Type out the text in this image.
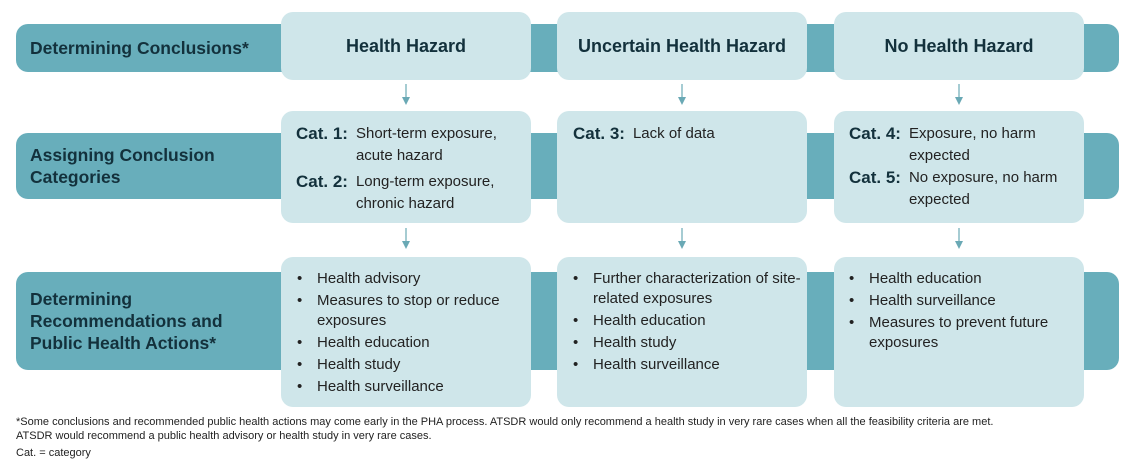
Determining Conclusions*
Assigning Conclusion Categories
Determining Recommendations and Public Health Actions*
Health Hazard	Uncertain Health Hazard	No Health Hazard
Cat. 1: Short-term exposure, acute hazard
Cat. 2: Long-term exposure, chronic hazard
Cat. 3: Lack of data	Cat. 4: Exposure, no harm expected
Cat. 5: No exposure, no harm expected
• Health advisory
• Measures to stop or reduce exposures
• Health education
• Health study
• Health surveillance
• Further characterization of site-related exposures
• Health education
• Health study
• Health surveillance
• Health education
• Health surveillance
• Measures to prevent future exposures
*Some conclusions and recommended public health actions may come early in the PHA process. ATSDR would only recommend a health study in very rare cases when all the feasibility criteria are met.
ATSDR would recommend a public health advisory or health study in very rare cases.
Cat. = category
